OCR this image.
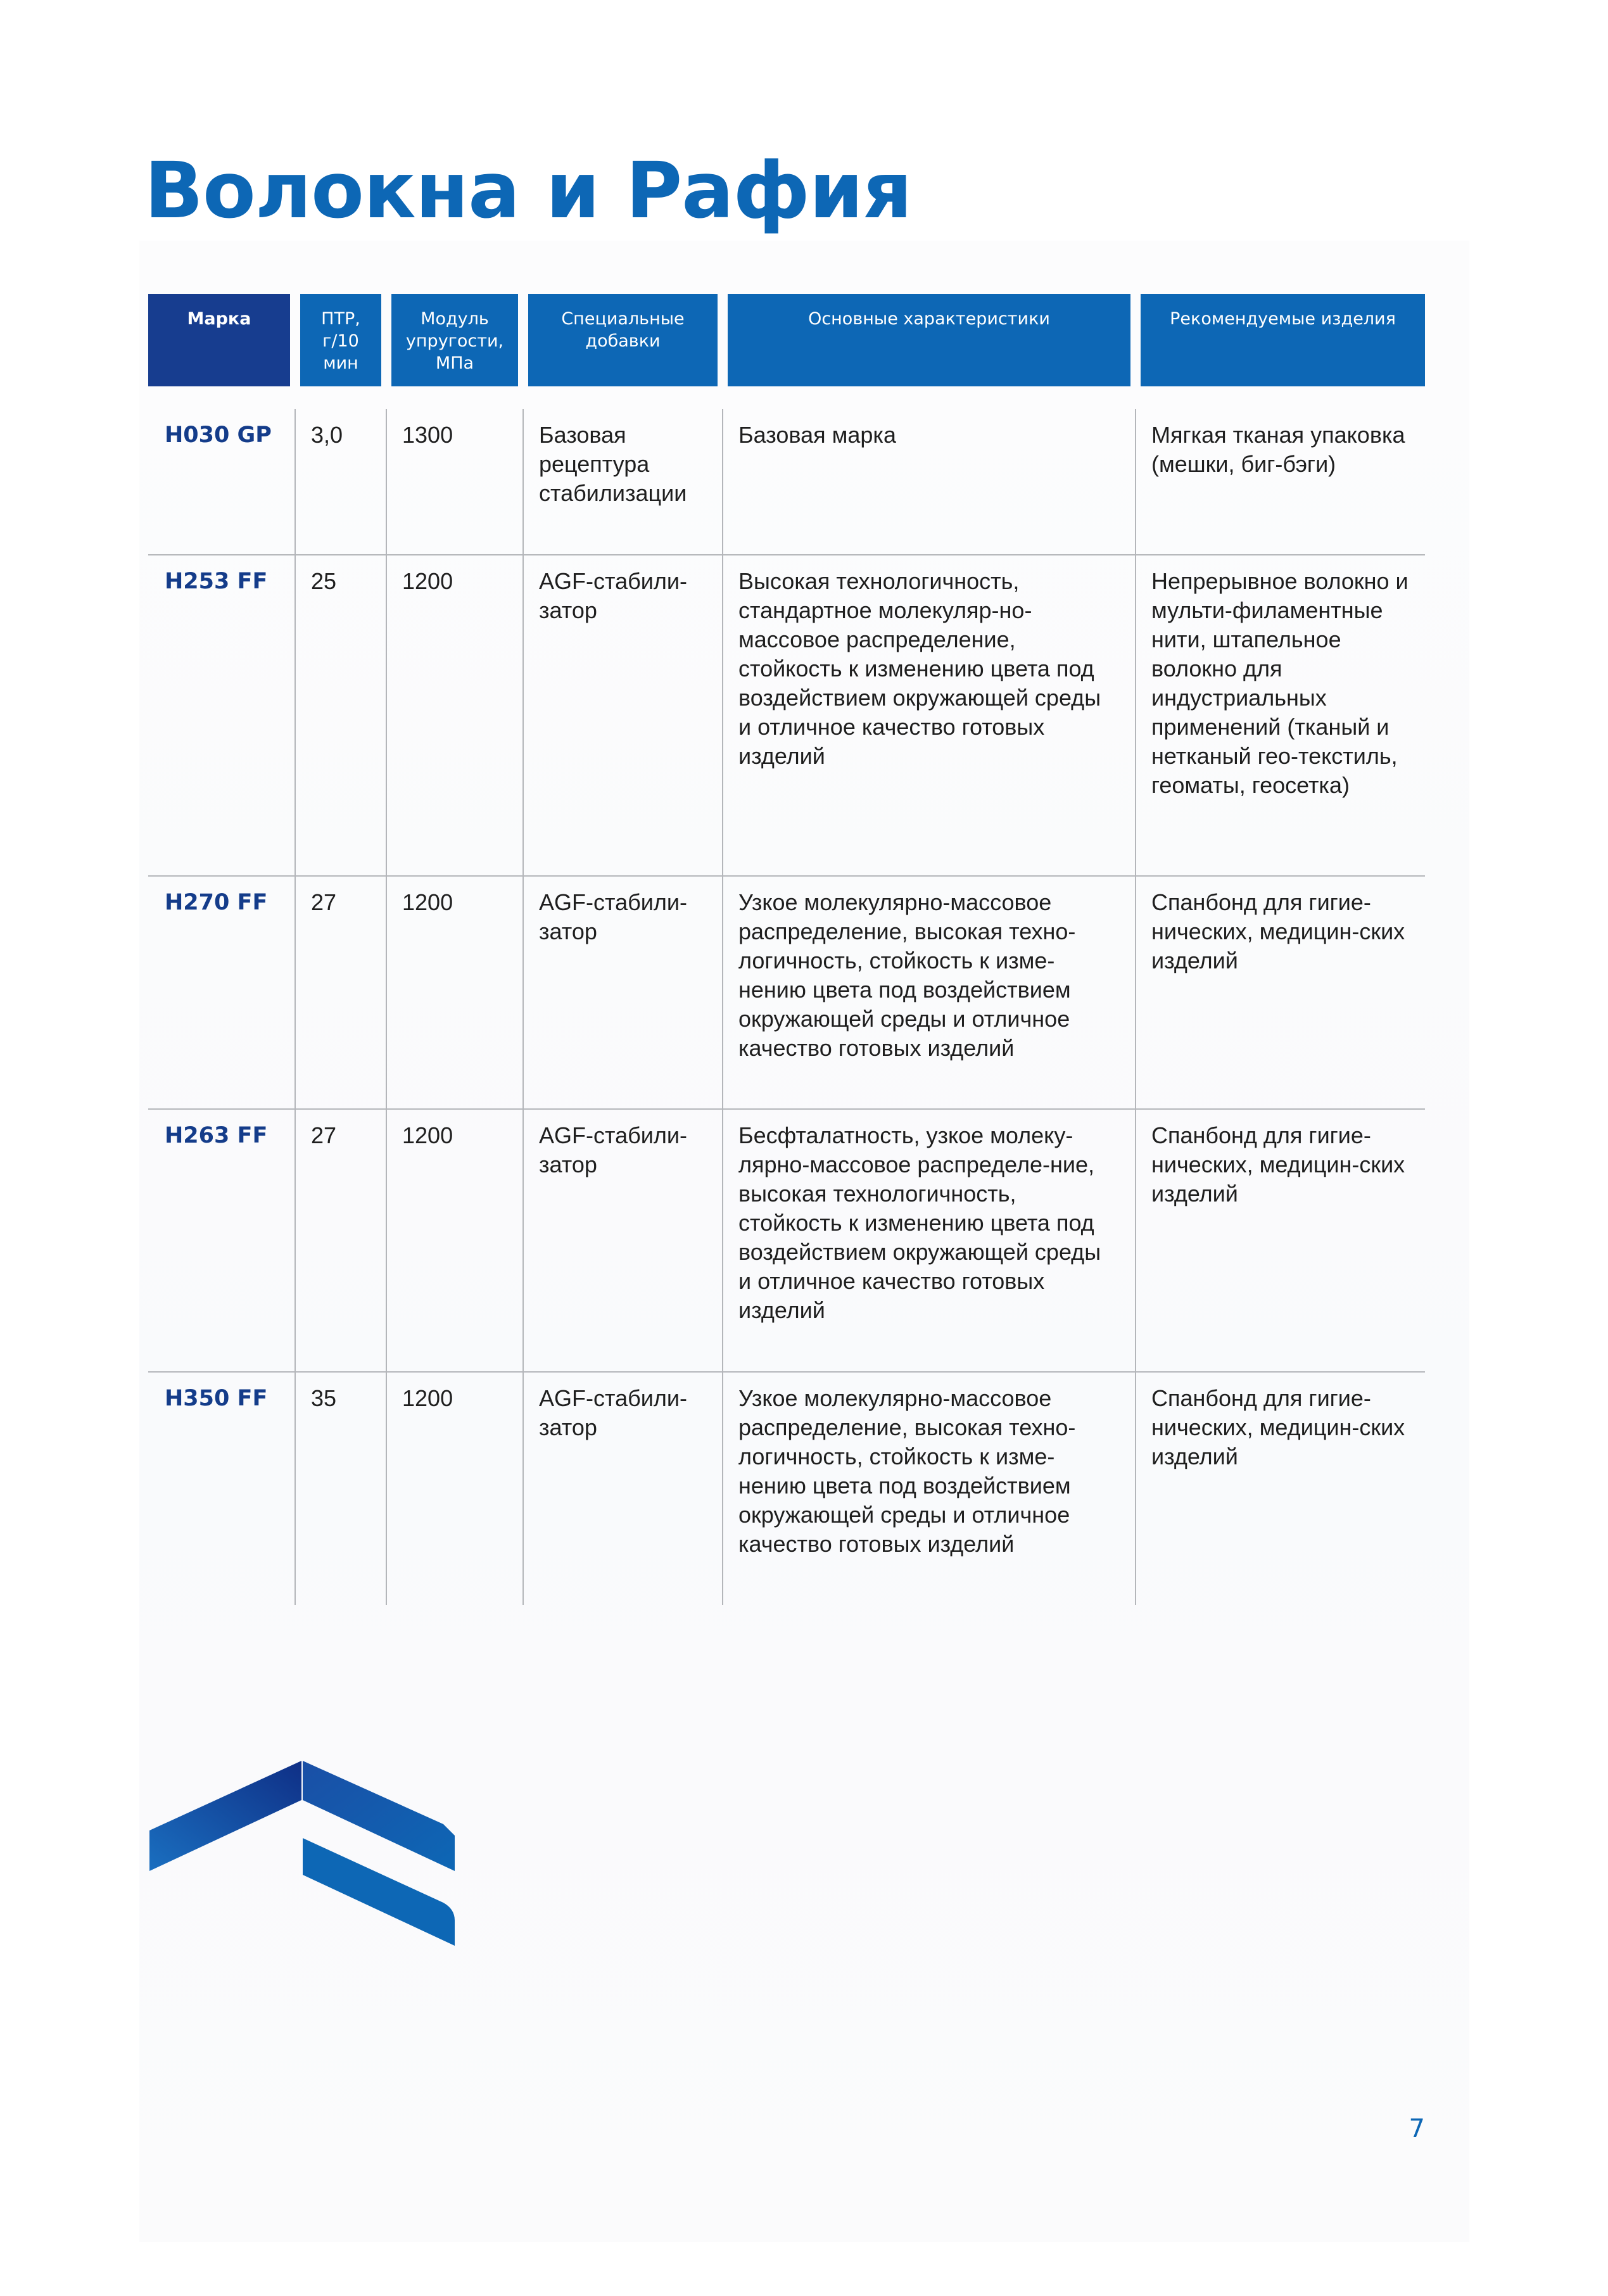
Волокна и Рафия
Марка	ПТР,
г/10
мин	Модуль
упругости,
МПа	Специальные
добавки	Основные характеристики	Рекомендуемые изделия

H030 GP	3,0	1300	Базовая рецептура стабилизации	Базовая марка	Мягкая тканая упаковка (мешки, биг-бэги)
H253 FF	25	1200	AGF-стабили-затор	Высокая технологичность, стандартное молекуляр-но-массовое распределение, стойкость к изменению цвета под воздействием окружающей среды и отличное качество готовых изделий	Непрерывное волокно и мульти-филаментные нити, штапельное волокно для индустриальных применений (тканый и нетканый гео-текстиль, геоматы, геосетка)
H270 FF	27	1200	AGF-стабили-затор	Узкое молекулярно-массовое распределение, высокая техно-логичность, стойкость к изме-нению цвета под воздействием окружающей среды и отличное качество готовых изделий	Спанбонд для гигие-нических, медицин-ских изделий
H263 FF	27	1200	AGF-стабили-затор	Бесфталатность, узкое молеку-лярно-массовое распределе-ние, высокая технологичность, стойкость к изменению цвета под воздействием окружающей среды и отличное качество готовых изделий	Спанбонд для гигие-нических, медицин-ских изделий
H350 FF	35	1200	AGF-стабили-затор	Узкое молекулярно-массовое распределение, высокая техно-логичность, стойкость к изме-нению цвета под воздействием окружающей среды и отличное качество готовых изделий	Спанбонд для гигие-нических, медицин-ских изделий
7
